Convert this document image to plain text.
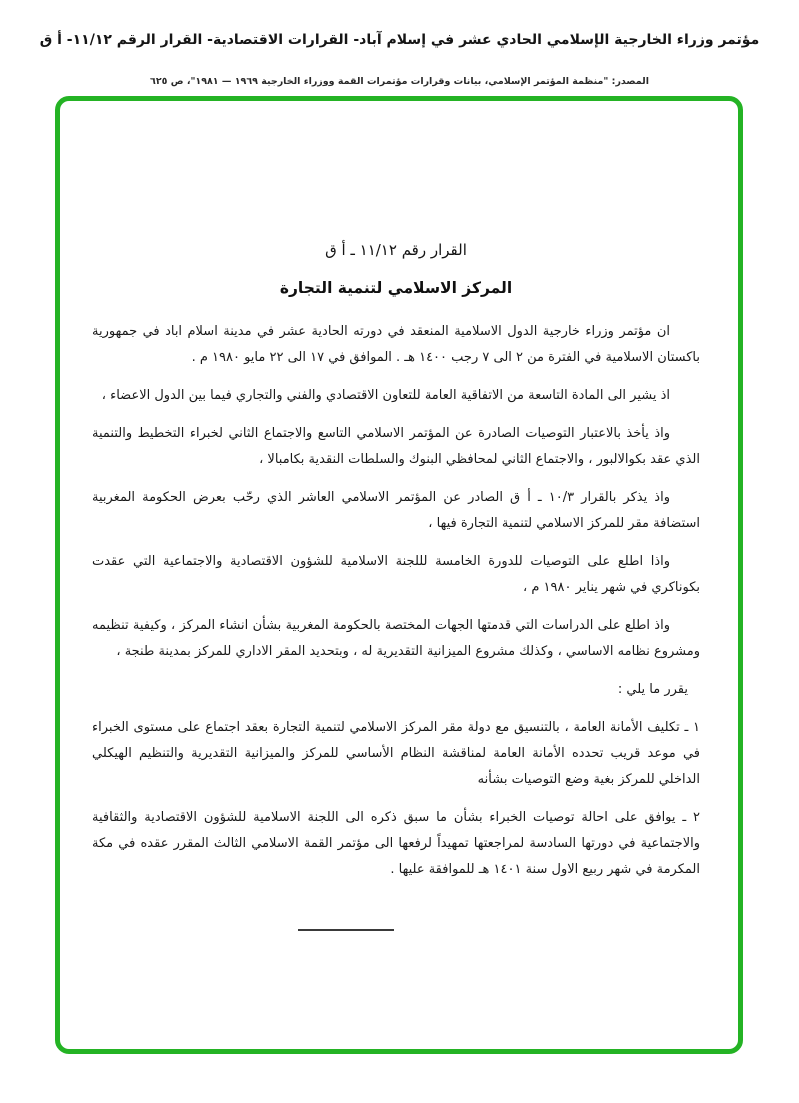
مؤتمر وزراء الخارجية الإسلامي الحادي عشر في إسلام آباد- القرارات الاقتصادية- القرار الرقم ١١/١٢- أ ق
المصدر: "منظمة المؤتمر الإسلامي، بيانات وقرارات مؤتمرات القمة ووزراء الخارجية ١٩٦٩ — ١٩٨١"، ص ٦٢٥
القرار رقم ١١/١٢ ـ أ ق
المركز الاسلامي لتنمية التجارة

ان مؤتمر وزراء خارجية الدول الاسلامية المنعقد في دورته الحادية عشر في مدينة اسلام اباد في جمهورية باكستان الاسلامية في الفترة من ٢ الى ٧ رجب ١٤٠٠ هـ . الموافق في ١٧ الى ٢٢ مايو ١٩٨٠ م .

اذ يشير الى المادة التاسعة من الاتفاقية العامة للتعاون الاقتصادي والفني والتجاري فيما بين الدول الاعضاء ،

واذ يأخذ بالاعتبار التوصيات الصادرة عن المؤتمر الاسلامي التاسع والاجتماع الثاني لخبراء التخطيط والتنمية الذي عقد بكوالالبور ، والاجتماع الثاني لمحافظي البنوك والسلطات النقدية بكامبالا ،

واذ يذكر بالقرار ١٠/٣ ـ أ ق الصادر عن المؤتمر الاسلامي العاشر الذي رحّب بعرض الحكومة المغربية استضافة مقر للمركز الاسلامي لتنمية التجارة فيها ،

واذا اطلع على التوصيات للدورة الخامسة لللجنة الاسلامية للشؤون الاقتصادية والاجتماعية التي عقدت بكوناكري في شهر يناير ١٩٨٠ م ،

واذ اطلع على الدراسات التي قدمتها الجهات المختصة بالحكومة المغربية بشأن انشاء المركز ، وكيفية تنظيمه ومشروع نظامه الاساسي ، وكذلك مشروع الميزانية التقديرية له ، وبتحديد المقر الاداري للمركز بمدينة طنجة ،

يقرر ما يلي :

١ ـ تكليف الأمانة العامة ، بالتنسيق مع دولة مقر المركز الاسلامي لتنمية التجارة بعقد اجتماع على مستوى الخبراء في موعد قريب تحدده الأمانة العامة لمناقشة النظام الأساسي للمركز والميزانية التقديرية والتنظيم الهيكلي الداخلي للمركز بغية وضع التوصيات بشأنه

٢ ـ يوافق على احالة توصيات الخبراء بشأن ما سبق ذكره الى اللجنة الاسلامية للشؤون الاقتصادية والثقافية والاجتماعية في دورتها السادسة لمراجعتها تمهيداً لرفعها الى مؤتمر القمة الاسلامي الثالث المقرر عقده في مكة المكرمة في شهر ربيع الاول سنة ١٤٠١ هـ للموافقة عليها .
